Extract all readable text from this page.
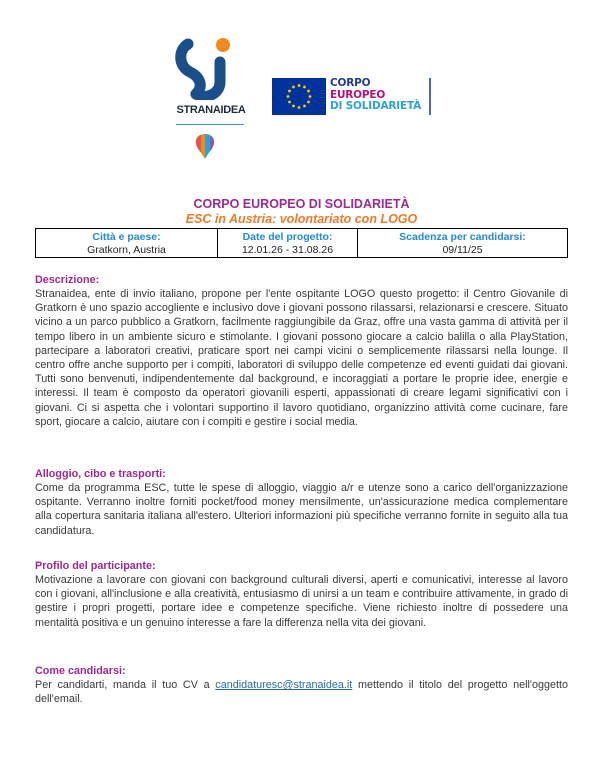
STRANAIDEA
CORPO
EUROPEO
DI SOLIDARIETÀ
CORPO EUROPEO DI SOLIDARIETÀ
ESC in Austria: volontariato con LOGO
Città e paese:
Gratkorn, Austria
Date del progetto:
12.01.26 - 31.08.26
Scadenza per candidarsi:
09/11/25
Descrizione:
Stranaidea, ente di invio italiano, propone per l'ente ospitante LOGO questo progetto: il Centro Giovanile di Gratkorn è uno spazio accogliente e inclusivo dove i giovani possono rilassarsi, relazionarsi e crescere. Situato vicino a un parco pubblico a Gratkorn, facilmente raggiungibile da Graz, offre una vasta gamma di attività per il tempo libero in un ambiente sicuro e stimolante. I giovani possono giocare a calcio balilla o alla PlayStation, partecipare a laboratori creativi, praticare sport nei campi vicini o semplicemente rilassarsi nella lounge. Il centro offre anche supporto per i compiti, laboratori di sviluppo delle competenze ed eventi guidati dai giovani. Tutti sono benvenuti, indipendentemente dal background, e incoraggiati a portare le proprie idee, energie e interessi. Il team è composto da operatori giovanili esperti, appassionati di creare legami significativi con i giovani. Ci si aspetta che i volontari supportino il lavoro quotidiano, organizzino attività come cucinare, fare sport, giocare a calcio, aiutare con i compiti e gestire i social media.
Alloggio, cibo e trasporti:
Come da programma ESC, tutte le spese di alloggio, viaggio a/r e utenze sono a carico dell'organizzazione ospitante. Verranno inoltre forniti pocket/food money mensilmente, un'assicurazione medica complementare alla copertura sanitaria italiana all'estero. Ulteriori informazioni più specifiche verranno fornite in seguito alla tua candidatura.
Profilo del participante:
Motivazione a lavorare con giovani con background culturali diversi, aperti e comunicativi, interesse al lavoro con i giovani, all'inclusione e alla creatività, entusiasmo di unirsi a un team e contribuire attivamente, in grado di gestire i propri progetti, portare idee e competenze specifiche. Viene richiesto inoltre di possedere una mentalità positiva e un genuino interesse a fare la differenza nella vita dei giovani.
Come candidarsi:
Per candidarti, manda il tuo CV a candidaturesc@stranaidea.it mettendo il titolo del progetto nell'oggetto dell'email.
